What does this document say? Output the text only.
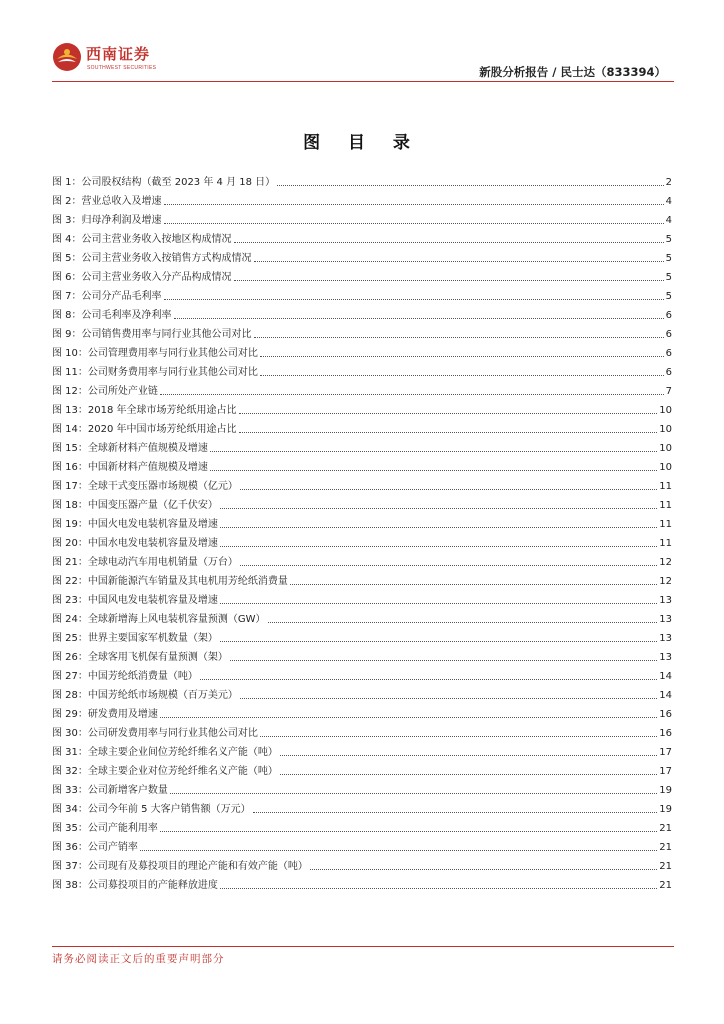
西南证券
SOUTHWEST SECURITIES	新股分析报告 / 民士达（833394）
图 目 录
图 1：公司股权结构（截至 2023 年 4 月 18 日）	2
图 2：营业总收入及增速	4
图 3：归母净利润及增速	4
图 4：公司主营业务收入按地区构成情况	5
图 5：公司主营业务收入按销售方式构成情况	5
图 6：公司主营业务收入分产品构成情况	5
图 7：公司分产品毛利率	5
图 8：公司毛利率及净利率	6
图 9：公司销售费用率与同行业其他公司对比	6
图 10：公司管理费用率与同行业其他公司对比	6
图 11：公司财务费用率与同行业其他公司对比	6
图 12：公司所处产业链	7
图 13：2018 年全球市场芳纶纸用途占比	10
图 14：2020 年中国市场芳纶纸用途占比	10
图 15：全球新材料产值规模及增速	10
图 16：中国新材料产值规模及增速	10
图 17：全球干式变压器市场规模（亿元）	11
图 18：中国变压器产量（亿千伏安）	11
图 19：中国火电发电装机容量及增速	11
图 20：中国水电发电装机容量及增速	11
图 21：全球电动汽车用电机销量（万台）	12
图 22：中国新能源汽车销量及其电机用芳纶纸消费量	12
图 23：中国风电发电装机容量及增速	13
图 24：全球新增海上风电装机容量预测（GW）	13
图 25：世界主要国家军机数量（架）	13
图 26：全球客用飞机保有量预测（架）	13
图 27：中国芳纶纸消费量（吨）	14
图 28：中国芳纶纸市场规模（百万美元）	14
图 29：研发费用及增速	16
图 30：公司研发费用率与同行业其他公司对比	16
图 31：全球主要企业间位芳纶纤维名义产能（吨）	17
图 32：全球主要企业对位芳纶纤维名义产能（吨）	17
图 33：公司新增客户数量	19
图 34：公司今年前 5 大客户销售额（万元）	19
图 35：公司产能利用率	21
图 36：公司产销率	21
图 37：公司现有及募投项目的理论产能和有效产能（吨）	21
图 38：公司募投项目的产能释放进度	21
请务必阅读正文后的重要声明部分
